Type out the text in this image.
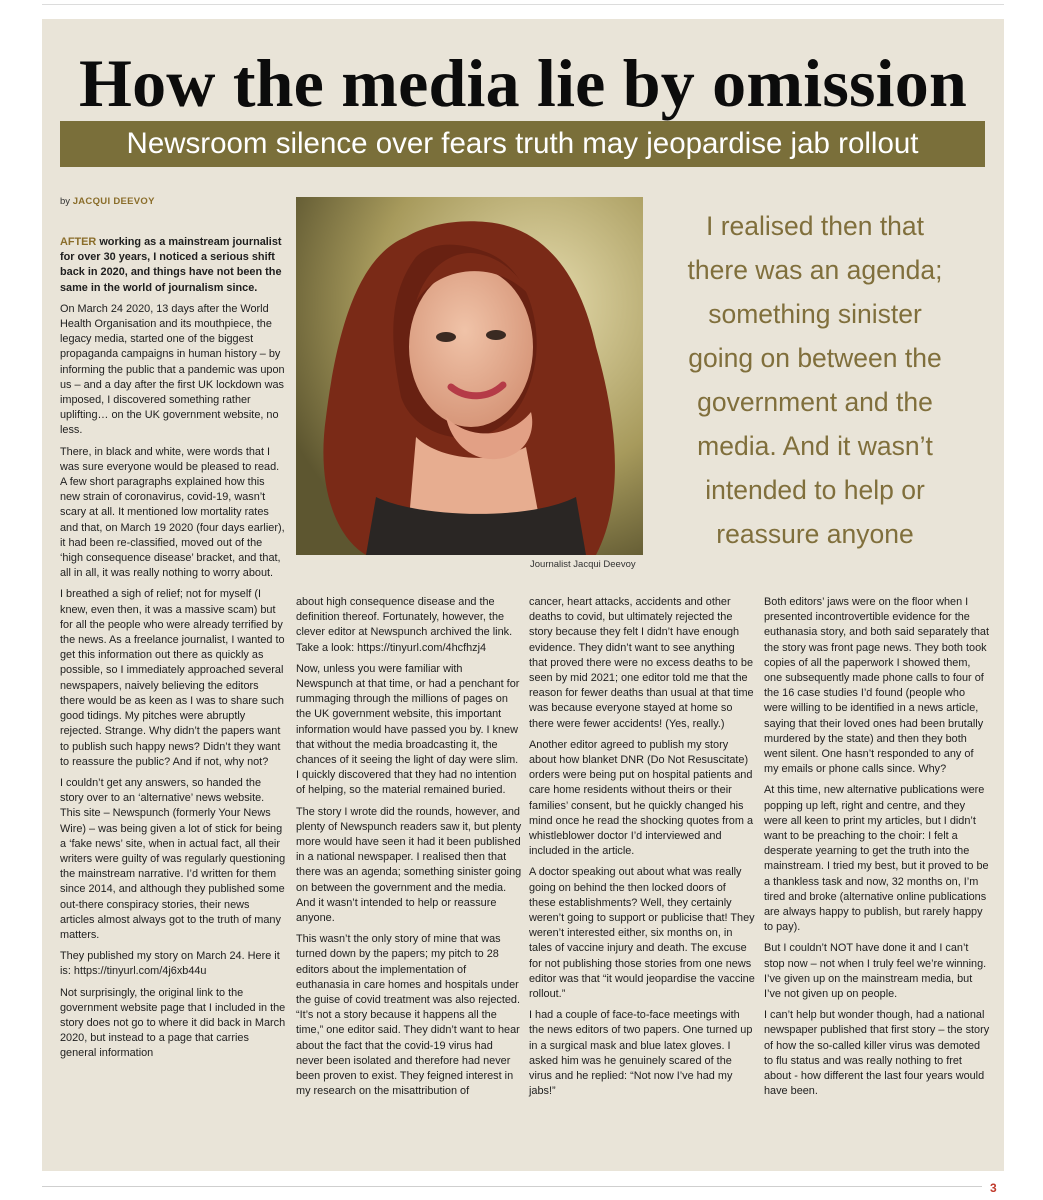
How the media lie by omission
Newsroom silence over fears truth may jeopardise jab rollout
by JACQUI DEEVOY
Journalist Jacqui Deevoy
I realised then that
there was an agenda;
something sinister
going on between the
government and the
media. And it wasn’t
intended to help or
reassure anyone

AFTER working as a mainstream journalist for over 30 years, I noticed a serious shift back in 2020, and things have not been the same in the world of journalism since.

On March 24 2020, 13 days after the World Health Organisation and its mouthpiece, the legacy media, started one of the biggest propaganda campaigns in human history – by informing the public that a pandemic was upon us – and a day after the first UK lockdown was imposed, I discovered something rather uplifting… on the UK government website, no less.

There, in black and white, were words that I was sure everyone would be pleased to read. A few short paragraphs explained how this new strain of coronavirus, covid-19, wasn’t scary at all. It mentioned low mortality rates and that, on March 19 2020 (four days earlier), it had been re-classified, moved out of the ‘high consequence disease’ bracket, and that, all in all, it was really nothing to worry about.

I breathed a sigh of relief; not for myself (I knew, even then, it was a massive scam) but for all the people who were already terrified by the news. As a freelance journalist, I wanted to get this information out there as quickly as possible, so I immediately approached several newspapers, naively believing the editors there would be as keen as I was to share such good tidings. My pitches were abruptly rejected. Strange. Why didn’t the papers want to publish such happy news? Didn’t they want to reassure the public? And if not, why not?

I couldn’t get any answers, so handed the story over to an ‘alternative’ news website. This site – Newspunch (formerly Your News Wire) – was being given a lot of stick for being a ‘fake news’ site, when in actual fact, all their writers were guilty of was regularly questioning the mainstream narrative. I’d written for them since 2014, and although they published some out-there conspiracy stories, their news articles almost always got to the truth of many matters.

They published my story on March 24. Here it is: https://tinyurl.com/4j6xb44u

Not surprisingly, the original link to the government website page that I included in the story does not go to where it did back in March 2020, but instead to a page that carries general information

about high consequence disease and the definition thereof. Fortunately, however, the clever editor at Newspunch archived the link. Take a look: https://tinyurl.com/4hcfhzj4

Now, unless you were familiar with Newspunch at that time, or had a penchant for rummaging through the millions of pages on the UK government website, this important information would have passed you by. I knew that without the media broadcasting it, the chances of it seeing the light of day were slim. I quickly discovered that they had no intention of helping, so the material remained buried.

The story I wrote did the rounds, however, and plenty of Newspunch readers saw it, but plenty more would have seen it had it been published in a national newspaper. I realised then that there was an agenda; something sinister going on between the government and the media. And it wasn’t intended to help or reassure anyone.

This wasn’t the only story of mine that was turned down by the papers; my pitch to 28 editors about the implementation of euthanasia in care homes and hospitals under the guise of covid treatment was also rejected. “It’s not a story because it happens all the time,” one editor said. They didn’t want to hear about the fact that the covid-19 virus had never been isolated and therefore had never been proven to exist. They feigned interest in my research on the misattribution of

cancer, heart attacks, accidents and other deaths to covid, but ultimately rejected the story because they felt I didn’t have enough evidence. They didn’t want to see anything that proved there were no excess deaths to be seen by mid 2021; one editor told me that the reason for fewer deaths than usual at that time was because everyone stayed at home so there were fewer accidents! (Yes, really.)

Another editor agreed to publish my story about how blanket DNR (Do Not Resuscitate) orders were being put on hospital patients and care home residents without theirs or their families’ consent, but he quickly changed his mind once he read the shocking quotes from a whistleblower doctor I’d interviewed and included in the article.

A doctor speaking out about what was really going on behind the then locked doors of these establishments? Well, they certainly weren’t going to support or publicise that! They weren’t interested either, six months on, in tales of vaccine injury and death. The excuse for not publishing those stories from one news editor was that “it would jeopardise the vaccine rollout.”

I had a couple of face-to-face meetings with the news editors of two papers. One turned up in a surgical mask and blue latex gloves. I asked him was he genuinely scared of the virus and he replied: “Not now I’ve had my jabs!”

Both editors’ jaws were on the floor when I presented incontrovertible evidence for the euthanasia story, and both said separately that the story was front page news. They both took copies of all the paperwork I showed them, one subsequently made phone calls to four of the 16 case studies I’d found (people who were willing to be identified in a news article, saying that their loved ones had been brutally murdered by the state) and then they both went silent. One hasn’t responded to any of my emails or phone calls since. Why?

At this time, new alternative publications were popping up left, right and centre, and they were all keen to print my articles, but I didn’t want to be preaching to the choir: I felt a desperate yearning to get the truth into the mainstream. I tried my best, but it proved to be a thankless task and now, 32 months on, I’m tired and broke (alternative online publications are always happy to publish, but rarely happy to pay).

But I couldn’t NOT have done it and I can’t stop now – not when I truly feel we’re winning. I’ve given up on the mainstream media, but I’ve not given up on people.

I can’t help but wonder though, had a national newspaper published that first story – the story of how the so-called killer virus was demoted to flu status and was really nothing to fret about - how different the last four years would have been.

3
